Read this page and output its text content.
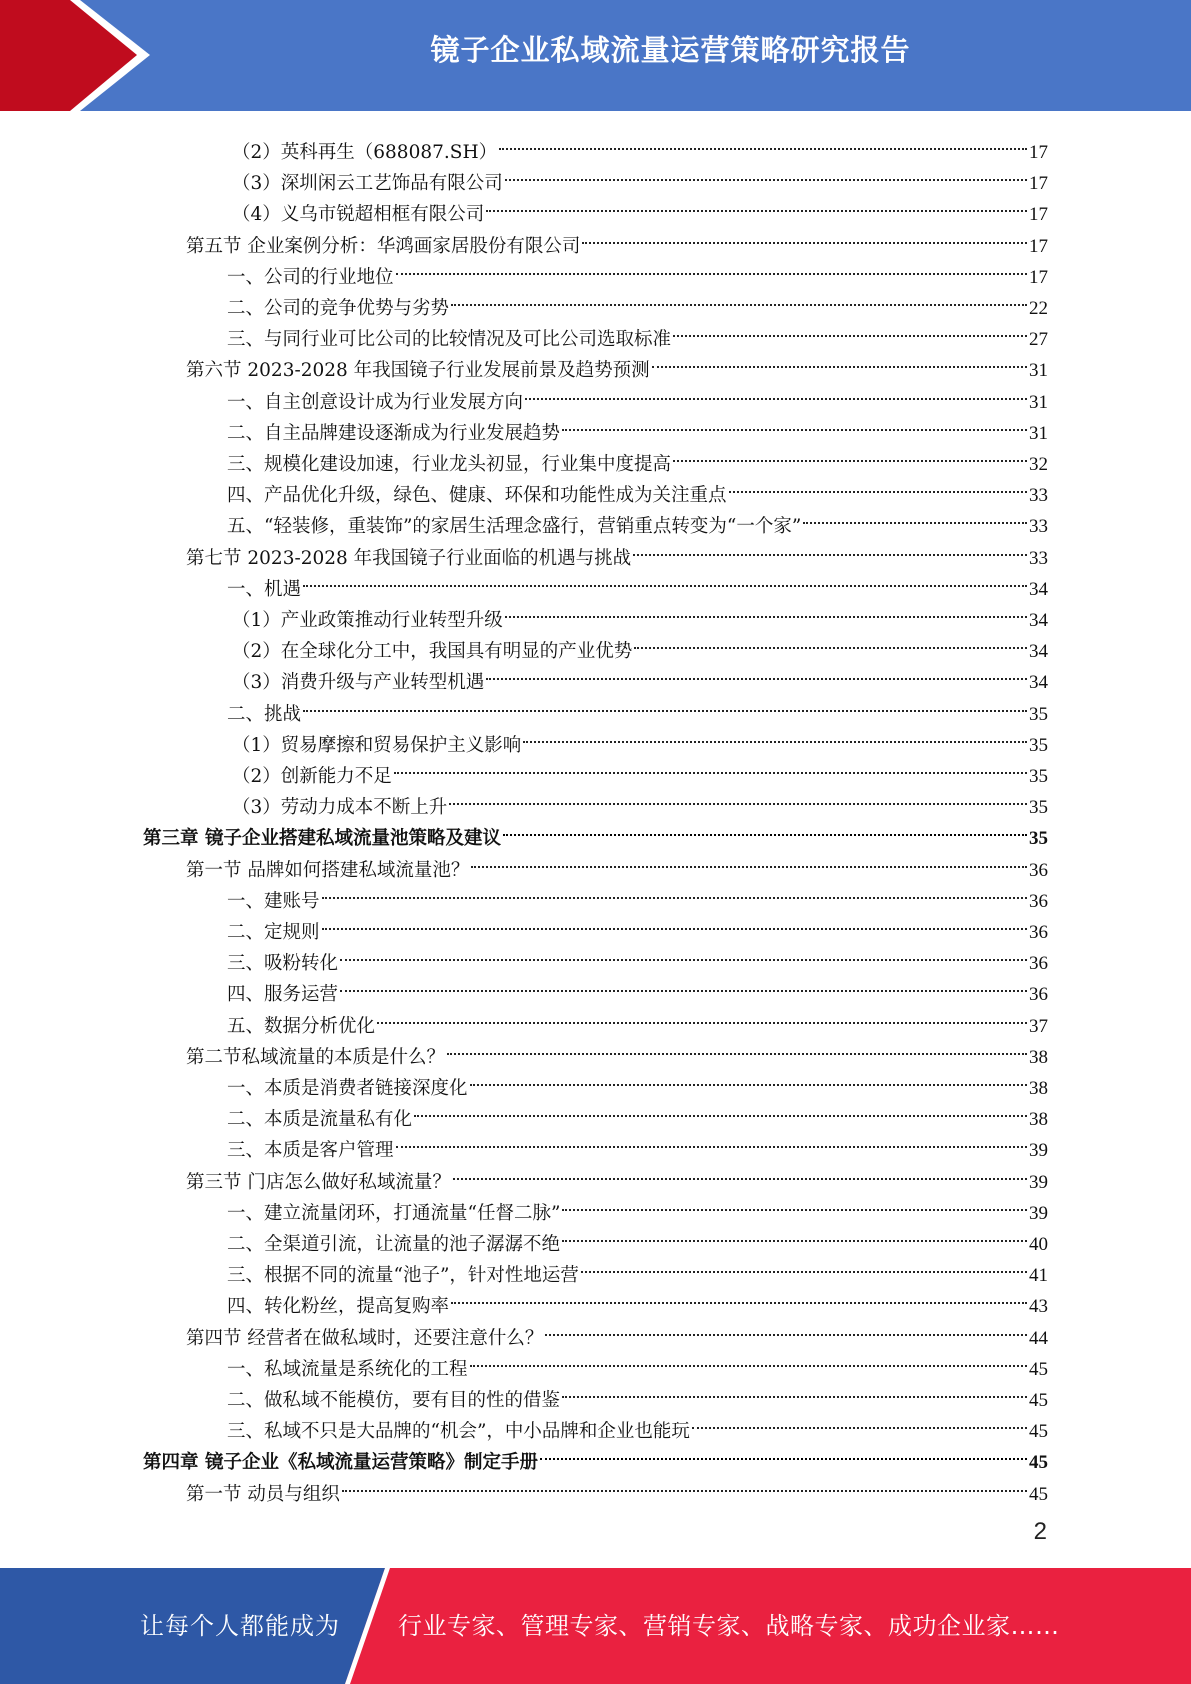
镜子企业私域流量运营策略研究报告
（2）英科再生（688087.SH）	17
（3）深圳闲云工艺饰品有限公司	17
（4）义乌市锐超相框有限公司	17
第五节 企业案例分析：华鸿画家居股份有限公司	17
一、公司的行业地位	17
二、公司的竞争优势与劣势	22
三、与同行业可比公司的比较情况及可比公司选取标准	27
第六节 2023-2028 年我国镜子行业发展前景及趋势预测	31
一、自主创意设计成为行业发展方向	31
二、自主品牌建设逐渐成为行业发展趋势	31
三、规模化建设加速，行业龙头初显，行业集中度提高	32
四、产品优化升级，绿色、健康、环保和功能性成为关注重点	33
五、“轻装修，重装饰”的家居生活理念盛行，营销重点转变为“一个家”	33
第七节 2023-2028 年我国镜子行业面临的机遇与挑战	33
一、机遇	34
（1）产业政策推动行业转型升级	34
（2）在全球化分工中，我国具有明显的产业优势	34
（3）消费升级与产业转型机遇	34
二、挑战	35
（1）贸易摩擦和贸易保护主义影响	35
（2）创新能力不足	35
（3）劳动力成本不断上升	35
第三章 镜子企业搭建私域流量池策略及建议	35
第一节 品牌如何搭建私域流量池？	36
一、建账号	36
二、定规则	36
三、吸粉转化	36
四、服务运营	36
五、数据分析优化	37
第二节私域流量的本质是什么？	38
一、本质是消费者链接深度化	38
二、本质是流量私有化	38
三、本质是客户管理	39
第三节 门店怎么做好私域流量？	39
一、建立流量闭环，打通流量“任督二脉”	39
二、全渠道引流，让流量的池子潺潺不绝	40
三、根据不同的流量“池子”，针对性地运营	41
四、转化粉丝，提高复购率	43
第四节 经营者在做私域时，还要注意什么？	44
一、私域流量是系统化的工程	45
二、做私域不能模仿，要有目的性的借鉴	45
三、私域不只是大品牌的“机会”，中小品牌和企业也能玩	45
第四章 镜子企业《私域流量运营策略》制定手册	45
第一节 动员与组织	45
2
让每个人都能成为 行业专家、管理专家、营销专家、战略专家、成功企业家……
